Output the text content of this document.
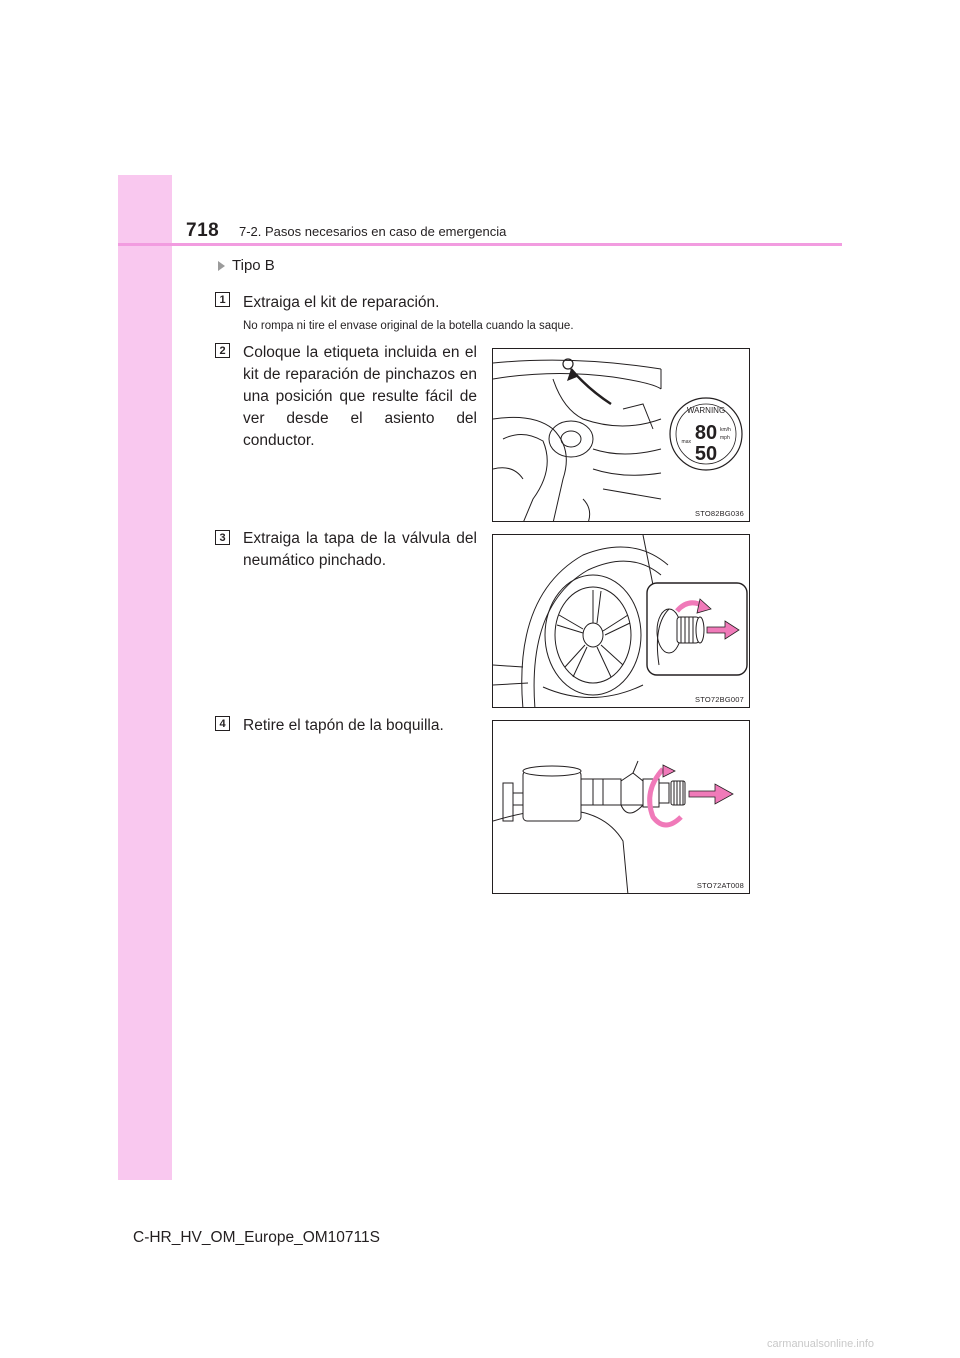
718 7-2. Pasos necesarios en caso de emergencia
Tipo B
1 Extraiga el kit de reparación.
No rompa ni tire el envase original de la botella cuando la saque.
2 Coloque la etiqueta incluida en el kit de reparación de pinchazos en una posición que resulte fácil de ver desde el asiento del conductor.
WARNING
80
50
max
km/h
mph
STO82BG036
3 Extraiga la tapa de la válvula del neumático pinchado.
STO72BG007
4 Retire el tapón de la boquilla.
STO72AT008
C-HR_HV_OM_Europe_OM10711S
carmanualsonline.info
